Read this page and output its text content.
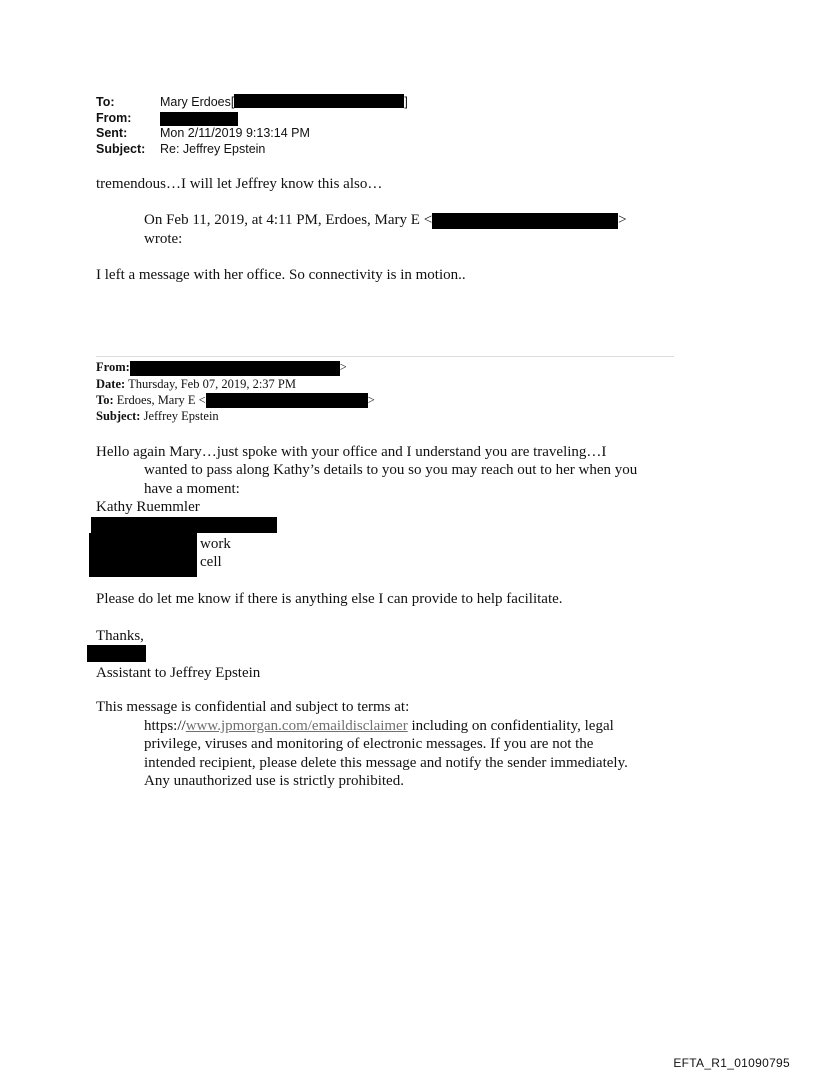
To:	Mary Erdoes[	]
From:
Sent:	Mon 2/11/2019 9:13:14 PM
Subject:	Re: Jeffrey Epstein
tremendous…I will let Jeffrey know this also…
On Feb 11, 2019, at 4:11 PM, Erdoes, Mary E <	>
wrote:
I left a message with her office. So connectivity is in motion..
From:	>
Date: Thursday, Feb 07, 2019, 2:37 PM
To: Erdoes, Mary E <	>
Subject: Jeffrey Epstein
Hello again Mary…just spoke with your office and I understand you are traveling…I
wanted to pass along Kathy’s details to you so you may reach out to her when you
have a moment:
Kathy Ruemmler
work
cell
Please do let me know if there is anything else I can provide to help facilitate.
Thanks,
Assistant to Jeffrey Epstein
This message is confidential and subject to terms at:
https://www.jpmorgan.com/emaildisclaimer including on confidentiality, legal
privilege, viruses and monitoring of electronic messages. If you are not the
intended recipient, please delete this message and notify the sender immediately.
Any unauthorized use is strictly prohibited.
EFTA_R1_01090795
